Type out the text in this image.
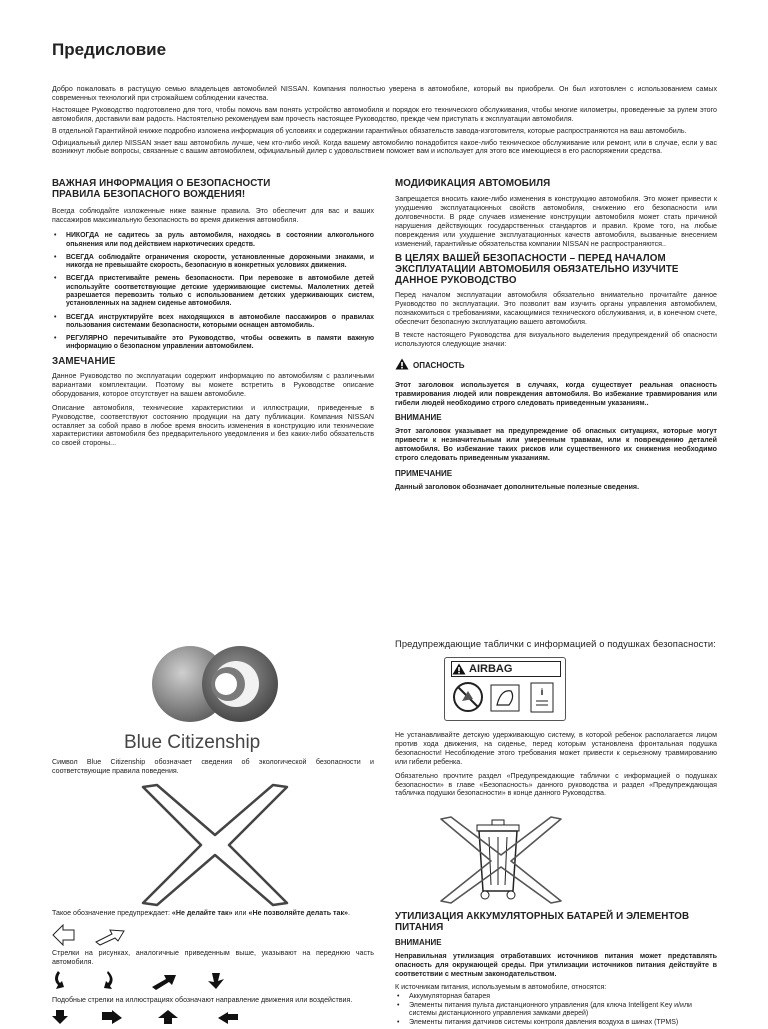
Предисловие

Добро пожаловать в растущую семью владельцев автомобилей NISSAN. Компания полностью уверена в автомобиле, который вы приобрели. Он был изготовлен с использованием самых современных технологий при строжайшем соблюдении качества.

Настоящее Руководство подготовлено для того, чтобы помочь вам понять устройство автомобиля и порядок его технического обслуживания, чтобы многие километры, проведенные за рулем этого автомобиля, доставили вам радость. Настоятельно рекомендуем вам прочесть настоящее Руководство, прежде чем приступать к эксплуатации автомобиля.

В отдельной Гарантийной книжке подробно изложена информация об условиях и содержании гарантийных обязательств завода-изготовителя, которые распространяются на ваш автомобиль.

Официальный дилер NISSAN знает ваш автомобиль лучше, чем кто-либо иной. Когда вашему автомобилю понадобится какое-либо техническое обслуживание или ремонт, или в случае, если у вас возникнут любые вопросы, связанные с вашим автомобилем, официальный дилер с удовольствием поможет вам и использует для этого все имеющиеся в его распоряжении средства.

ВАЖНАЯ ИНФОРМАЦИЯ О БЕЗОПАСНОСТИ
ПРАВИЛА БЕЗОПАСНОГО ВОЖДЕНИЯ!

Всегда соблюдайте изложенные ниже важные правила. Это обеспечит для вас и ваших пассажиров максимальную безопасность во время движения автомобиля.

• НИКОГДА не садитесь за руль автомобиля, находясь в состоянии алкогольного опьянения или под действием наркотических средств.
• ВСЕГДА соблюдайте ограничения скорости, установленные дорожными знаками, и никогда не превышайте скорость, безопасную в конкретных условиях движения.
• ВСЕГДА пристегивайте ремень безопасности. При перевозке в автомобиле детей используйте соответствующие детские удерживающие системы. Малолетних детей разрешается перевозить только с использованием детских удерживающих систем, установленных на заднем сиденье автомобиля.
• ВСЕГДА инструктируйте всех находящихся в автомобиле пассажиров о правилах пользования системами безопасности, которыми оснащен автомобиль.
• РЕГУЛЯРНО перечитывайте это Руководство, чтобы освежить в памяти важную информацию о безопасном управлении автомобилем.
ЗАМЕЧАНИЕ

Данное Руководство по эксплуатации содержит информацию по автомобилям с различными вариантами комплектации. Поэтому вы можете встретить в Руководстве описание оборудования, которое отсутствует на вашем автомобиле.

Описание автомобиля, технические характеристики и иллюстрации, приведенные в Руководстве, соответствуют состоянию продукции на дату публикации. Компания NISSAN оставляет за собой право в любое время вносить изменения в конструкцию или технические характеристики автомобиля без предварительного уведомления и без каких-либо обязательств со своей стороны...

МОДИФИКАЦИЯ АВТОМОБИЛЯ

Запрещается вносить какие-либо изменения в конструкцию автомобиля. Это может привести к ухудшению эксплуатационных свойств автомобиля, снижению его безопасности или долговечности. В ряде случаев изменение конструкции автомобиля может стать причиной нарушения действующих государственных стандартов и правил. Кроме того, на любые повреждения или ухудшение эксплуатационных качеств автомобиля, вызванные внесением изменений, гарантийные обязательства компании NISSAN не распространяются..

В ЦЕЛЯХ ВАШЕЙ БЕЗОПАСНОСТИ – ПЕРЕД НАЧАЛОМ ЭКСПЛУАТАЦИИ АВТОМОБИЛЯ ОБЯЗАТЕЛЬНО ИЗУЧИТЕ ДАННОЕ РУКОВОДСТВО

Перед началом эксплуатации автомобиля обязательно внимательно прочитайте данное Руководство по эксплуатации. Это позволит вам изучить органы управления автомобилем, познакомиться с требованиями, касающимися технического обслуживания, и, в конечном счете, обеспечит безопасную эксплуатацию вашего автомобиля.

В тексте настоящего Руководства для визуального выделения предупреждений об опасности используются следующие значки:

ОПАСНОСТЬ

Этот заголовок используется в случаях, когда существует реальная опасность травмирования людей или повреждения автомобиля. Во избежание травмирования или гибели людей необходимо строго следовать приведенным указаниям..

ВНИМАНИЕ

Этот заголовок указывает на предупреждение об опасных ситуациях, которые могут привести к незначительным или умеренным травмам, или к повреждению деталей автомобиля. Во избежание таких рисков или существенного их снижения необходимо строго следовать приведенным указаниям.

ПРИМЕЧАНИЕ

Данный заголовок обозначает дополнительные полезные сведения.

Blue Citizenship

Символ Blue Citizenship обозначает сведения об экологической безопасности и соответствующие правила поведения.

Такое обозначение предупреждает: «Не делайте так» или «Не позволяйте делать так».

Стрелки на рисунках, аналогичные приведенным выше, указывают на переднюю часть автомобиля.

Подобные стрелки на иллюстрациях обозначают направление движения или воздействия.

Предупреждающие таблички с информацией о подушках безопасности:
AIRBAG
i

Не устанавливайте детскую удерживающую систему, в которой ребенок располагается лицом против хода движения, на сиденье, перед которым установлена фронтальная подушка безопасности! Несоблюдение этого требования может привести к серьезному травмированию или гибели ребенка.

Обязательно прочтите раздел «Предупреждающие таблички с информацией о подушках безопасности» в главе «Безопасность» данного руководства и раздел «Предупреждающая табличка подушки безопасности» в конце данного Руководства.

УТИЛИЗАЦИЯ АККУМУЛЯТОРНЫХ БАТАРЕЙ И ЭЛЕМЕНТОВ ПИТАНИЯ
ВНИМАНИЕ

Неправильная утилизация отработавших источников питания может представлять опасность для окружающей среды. При утилизации источников питания действуйте в соответствии с местным законодательством.

К источникам питания, используемым в автомобиле, относятся:

• Аккумуляторная батарея
• Элементы питания пульта дистанционного управления (для ключа Intelligent Key и/или системы дистанционного управления замками дверей)
• Элементы питания датчиков системы контроля давления воздуха в шинах (TPMS)
